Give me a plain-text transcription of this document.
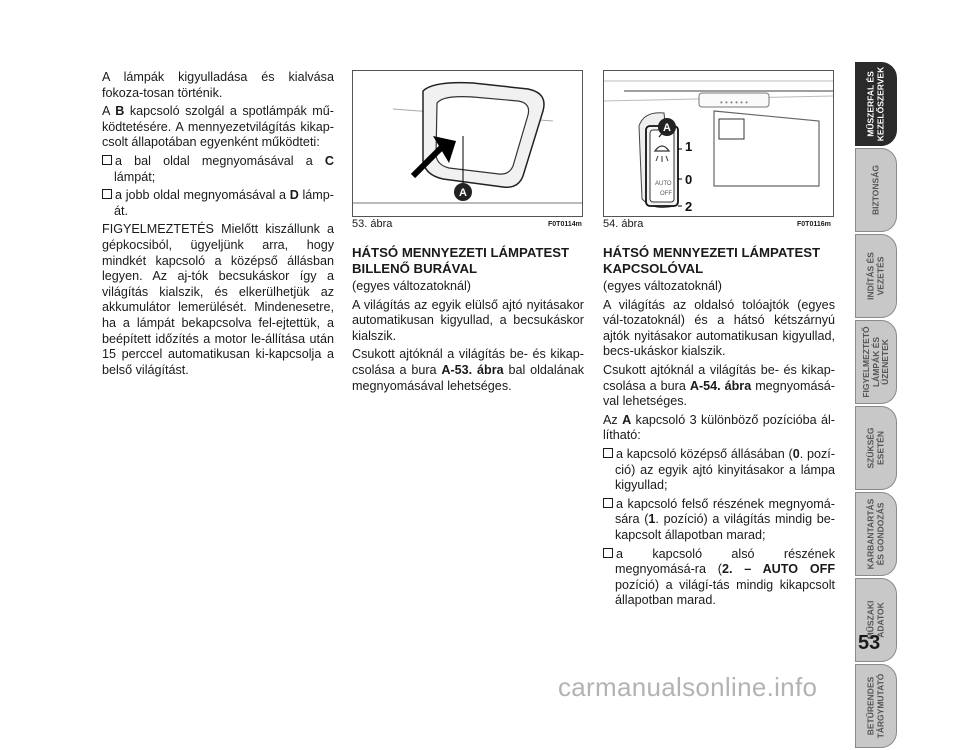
A lámpák kigyulladása és kialvása fokoza-tosan történik.

A B kapcsoló szolgál a spotlámpák mű-ködtetésére. A mennyezetvilágítás kikap-csolt állapotában egyenként működteti:

a bal oldal megnyomásával a C lámpát;

a jobb oldal megnyomásával a D lámp-át.

FIGYELMEZTETÉS Mielőtt kiszállunk a gépkocsiból, ügyeljünk arra, hogy mindkét kapcsoló a középső állásban legyen. Az aj-tók becsukáskor így a világítás kialszik, és elkerülhetjük az akkumulátor lemerülését. Mindenesetre, ha a lámpát bekapcsolva fel-ejtettük, a beépített időzítés a motor le-állítása után 15 perccel automatikusan ki-kapcsolja a belső világítást.

A
53. ábra	F0T0114m
• • • • • •
AUTO
OFF
1
0
2
A
54. ábra	F0T0116m

HÁTSÓ MENNYEZETI LÁMPATEST BILLENŐ BURÁVAL

(egyes változatoknál)

A világítás az egyik elülső ajtó nyitásakor automatikusan kigyullad, a becsukáskor kialszik.

Csukott ajtóknál a világítás be- és kikap-csolása a bura A-53. ábra bal oldalának megnyomásával lehetséges.

HÁTSÓ MENNYEZETI LÁMPATEST KAPCSOLÓVAL

(egyes változatoknál)

A világítás az oldalsó tolóajtók (egyes vál-tozatoknál) és a hátsó kétszárnyú ajtók nyitásakor automatikusan kigyullad, becs-ukáskor kialszik.

Csukott ajtóknál a világítás be- és kikap-csolása a bura A-54. ábra megnyomásá-val lehetséges.

Az A kapcsoló 3 különböző pozícióba ál-lítható:

a kapcsoló középső állásában (0. pozí-ció) az egyik ajtó kinyitásakor a lámpa kigyullad;

a kapcsoló felső részének megnyomá-sára (1. pozíció) a világítás mindig be-kapcsolt állapotban marad;

a kapcsoló alsó részének megnyomásá-ra (2. – AUTO OFF pozíció) a világí-tás mindig kikapcsolt állapotban marad.

MŰSZERFAL ÉS
KEZELŐSZERVEK
BIZTONSÁG
INDÍTÁS ÉS
VEZETÉS
FIGYELMEZTETŐ
LÁMPÁK ÉS
ÜZENETEK
SZÜKSÉG
ESETÉN
KARBANTARTÁS
ÉS GONDOZÁS
MŰSZAKI
ADATOK
BETŰRENDES
TÁRGYMUTATÓ
53
carmanualsonline.info
